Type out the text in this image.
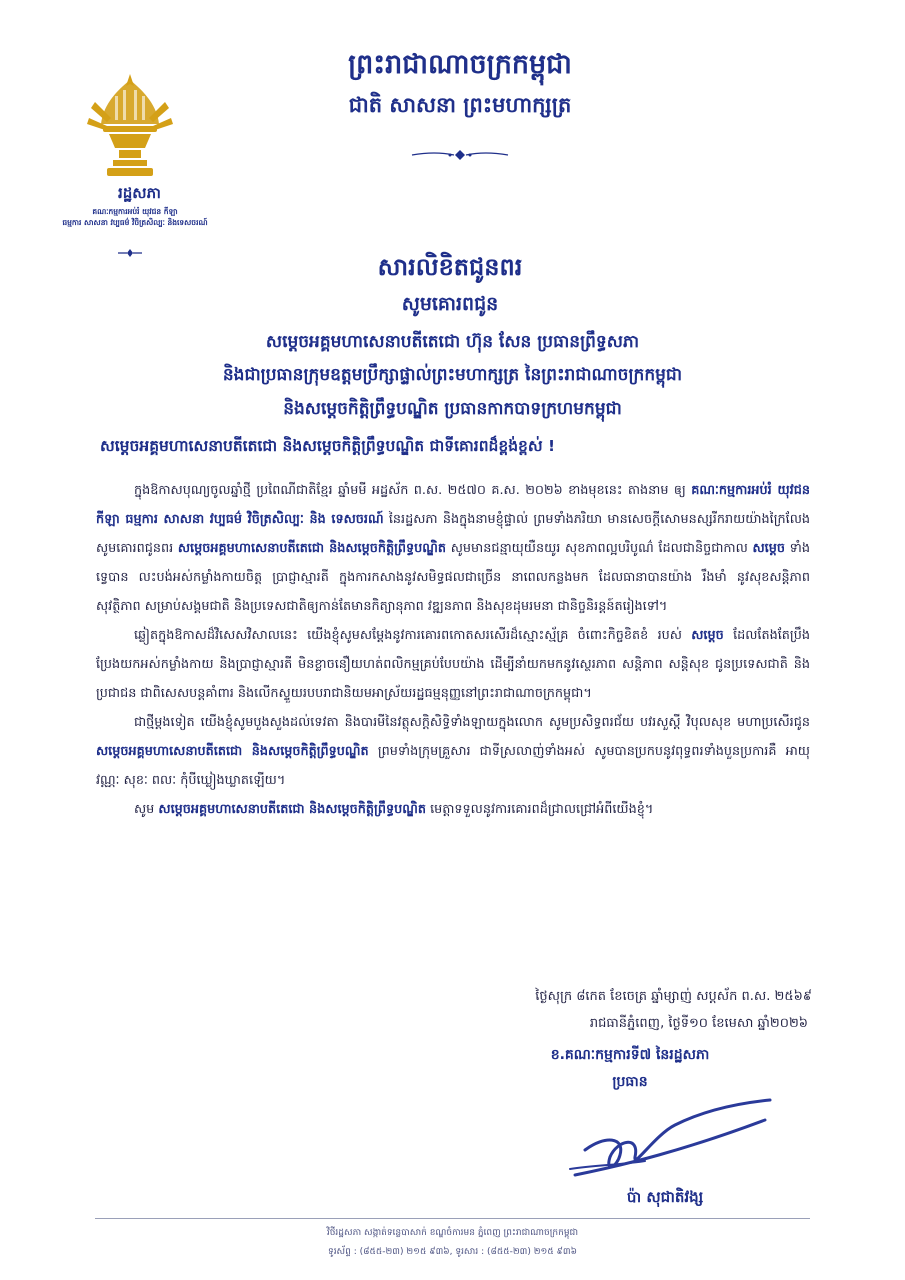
រដ្ឋសភា
គណៈកម្មការអប់រំ យុវជន កីឡា
ធម្មការ សាសនា វប្បធម៌ វិចិត្រសិល្បៈ និងទេសចរណ៍
ព្រះរាជាណាចក្រកម្ពុជា
ជាតិ សាសនា ព្រះមហាក្សត្រ
សារលិខិតជូនពរ
សូមគោរពជូន
សម្តេចអគ្គមហាសេនាបតីតេជោ ហ៊ុន សែន ប្រធានព្រឹទ្ធសភា
និងជាប្រធានក្រុមឧត្តមប្រឹក្សាផ្ទាល់ព្រះមហាក្សត្រ នៃព្រះរាជាណាចក្រកម្ពុជា
និងសម្តេចកិត្តិព្រឹទ្ធបណ្ឌិត ប្រធានកាកបាទក្រហមកម្ពុជា
សម្តេចអគ្គមហាសេនាបតីតេជោ និងសម្តេចកិត្តិព្រឹទ្ធបណ្ឌិត ជាទីគោរពដ៏ខ្ពង់ខ្ពស់ !

ក្នុងឱកាសបុណ្យចូលឆ្នាំថ្មី ប្រពៃណីជាតិខ្មែរ ឆ្នាំមមី អដ្ឋស័ក ព.ស. ២៥៧០ គ.ស. ២០២៦ ខាងមុខនេះ តាងនាម ឲ្យ គណៈកម្មការអប់រំ យុវជន កីឡា ធម្មការ សាសនា វប្បធម៌ វិចិត្រសិល្បៈ និង ទេសចរណ៍ នៃរដ្ឋសភា និងក្នុងនាមខ្ញុំផ្ទាល់ ព្រមទាំងភរិយា មានសេចក្តីសោមនស្សរីករាយយ៉ាងក្រៃលែង សូមគោរពជូនពរ សម្តេចអគ្គមហាសេនាបតីតេជោ និងសម្តេចកិត្តិព្រឹទ្ធបណ្ឌិត សូមមានជន្មាយុយឺនយូរ សុខភាពល្អបរិបូណ៌ ដែលជានិច្ចជាកាល សម្តេច ទាំងទ្វេបាន លះបង់អស់កម្លាំងកាយចិត្ត ប្រាជ្ញាស្មារតី ក្នុងការកសាងនូវសមិទ្ធផលជាច្រើន នាពេលកន្លងមក ដែលធានាបានយ៉ាង រឹងមាំ នូវសុខសន្តិភាព សុវត្ថិភាព សម្រាប់សង្គមជាតិ និងប្រទេសជាតិឲ្យកាន់តែមានកិត្យានុភាព វឌ្ឍនភាព និងសុខដុមរមនា ជានិច្ចនិរន្តន៍តរៀងទៅ។

ឆ្លៀតក្នុងឱកាសដ៏វិសេសវិសាលនេះ យើងខ្ញុំសូមសម្តែងនូវការគោរពកោតសរសើរដ៏ស្មោះស្ម័គ្រ ចំពោះកិច្ចខិតខំ របស់ សម្តេច ដែលតែងតែប្រឹងប្រែងយកអស់កម្លាំងកាយ និងប្រាជ្ញាស្មារតី មិនខ្លាចនឿយហត់ពលិកម្មគ្រប់បែបយ៉ាង ដើម្បីនាំយកមកនូវស្ថេរភាព សន្តិភាព សន្តិសុខ ជូនប្រទេសជាតិ និងប្រជាជន ជាពិសេសបន្តគាំពារ និងលើកស្ទួយរបបរាជានិយមអាស្រ័យរដ្ឋធម្មនុញ្ញនៅព្រះរាជាណាចក្រកម្ពុជា។

ជាថ្មីម្តងទៀត យើងខ្ញុំសូមបួងសួងដល់ទេវតា និងបារមីនៃវត្ថុសក្តិសិទ្ធិទាំងឡាយក្នុងលោក សូមប្រសិទ្ធពរជ័យ បវរសួស្តី វិបុលសុខ មហាប្រសើរជូន សម្តេចអគ្គមហាសេនាបតីតេជោ និងសម្តេចកិត្តិព្រឹទ្ធបណ្ឌិត ព្រមទាំងក្រុមគ្រួសារ ជាទីស្រលាញ់ទាំងអស់ សូមបានប្រកបនូវពុទ្ធពរទាំងបួនប្រការគឺ អាយុ វណ្ណៈ សុខៈ ពលៈ កុំបីឃ្លៀងឃ្លាតឡើយ។

សូម សម្តេចអគ្គមហាសេនាបតីតេជោ និងសម្តេចកិត្តិព្រឹទ្ធបណ្ឌិត មេត្តាទទួលនូវការគោរពដ៏ជ្រាលជ្រៅអំពីយើងខ្ញុំ។

ថ្ងៃសុក្រ ៨កេត ខែចេត្រ ឆ្នាំម្សាញ់ សប្តស័ក ព.ស. ២៥៦៩
រាជធានីភ្នំពេញ, ថ្ងៃទី១០ ខែមេសា ឆ្នាំ២០២៦
ខ.គណៈកម្មការទី៧ នៃរដ្ឋសភា
ប្រធាន
ប៉ា សុជាតិវង្ស
វិថីរដ្ឋសភា សង្កាត់ទន្លេបាសាក់ ខណ្ឌចំការមន ភ្នំពេញ ព្រះរាជាណាចក្រកម្ពុជា
ទូរស័ព្ទ : (៨៥៥-២៣) ២១៥ ៩៣៦, ទូរសារ : (៨៥៥-២៣) ២១៥ ៩៣៦
